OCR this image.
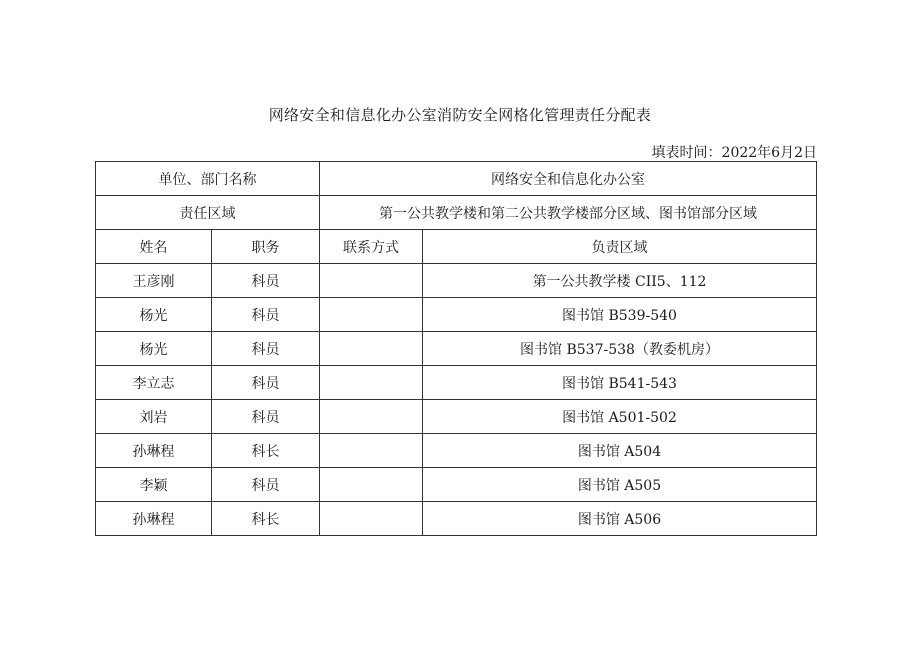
网络安全和信息化办公室消防安全网格化管理责任分配表
填表时间：2022年6月2日
单位、部门名称		网络安全和信息化办公室	
责任区域		第一公共教学楼和第二公共教学楼部分区域、图书馆部分区域	
姓名	职务	联系方式	负责区域
王彦刚	科员		第一公共教学楼 CII5、112
杨光	科员		图书馆 B539-540
杨光	科员		图书馆 B537-538（教委机房）
李立志	科员		图书馆 B541-543
刘岩	科员		图书馆 A501-502
孙琳程	科长		图书馆 A504
李颖	科员		图书馆 A505
孙琳程	科长		图书馆 A506
